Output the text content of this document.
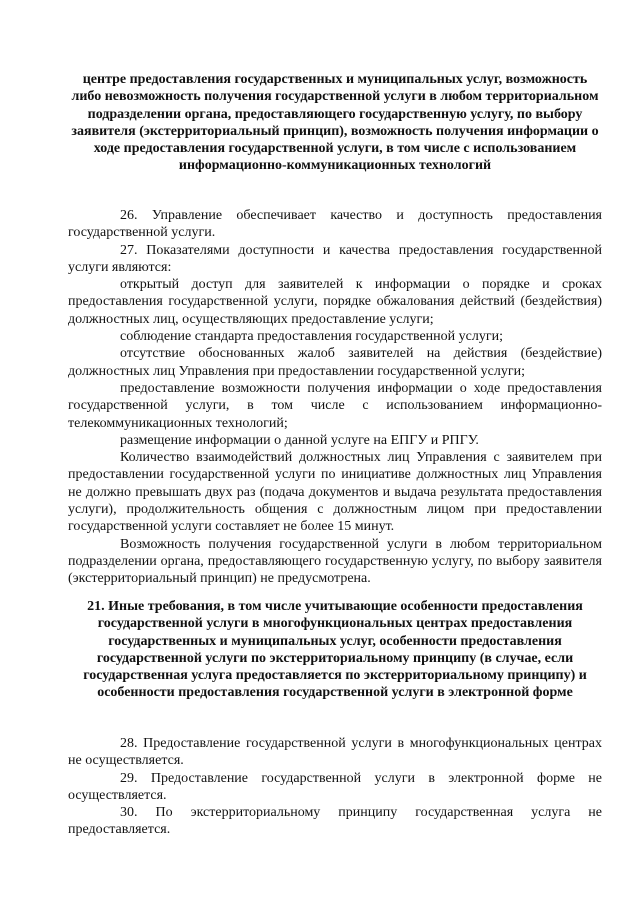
центре предоставления государственных и муниципальных услуг, возможность либо невозможность получения государственной услуги в любом территориальном подразделении органа, предоставляющего государственную услугу, по выбору заявителя (экстерриториальный принцип), возможность получения информации о ходе предоставления государственной услуги, в том числе с использованием информационно-коммуникационных технологий

26. Управление обеспечивает качество и доступность предоставления государственной услуги.

27. Показателями доступности и качества предоставления государственной услуги являются:

открытый доступ для заявителей к информации о порядке и сроках предоставления государственной услуги, порядке обжалования действий (бездействия) должностных лиц, осуществляющих предоставление услуги;

соблюдение стандарта предоставления государственной услуги;

отсутствие обоснованных жалоб заявителей на действия (бездействие) должностных лиц Управления при предоставлении государственной услуги;

предоставление возможности получения информации о ходе предоставления государственной услуги, в том числе с использованием информационно-телекоммуникационных технологий;

размещение информации о данной услуге на ЕПГУ и РПГУ.

Количество взаимодействий должностных лиц Управления с заявителем при предоставлении государственной услуги по инициативе должностных лиц Управления не должно превышать двух раз (подача документов и выдача результата предоставления услуги), продолжительность общения с должностным лицом при предоставлении государственной услуги составляет не более 15 минут.

Возможность получения государственной услуги в любом территориальном подразделении органа, предоставляющего государственную услугу, по выбору заявителя (экстерриториальный принцип) не предусмотрена.

21. Иные требования, в том числе учитывающие особенности предоставления государственной услуги в многофункциональных центрах предоставления государственных и муниципальных услуг, особенности предоставления государственной услуги по экстерриториальному принципу (в случае, если государственная услуга предоставляется по экстерриториальному принципу) и особенности предоставления государственной услуги в электронной форме

28. Предоставление государственной услуги в многофункциональных центрах не осуществляется.

29. Предоставление государственной услуги в электронной форме не осуществляется.

30. По экстерриториальному принципу государственная услуга не предоставляется.
